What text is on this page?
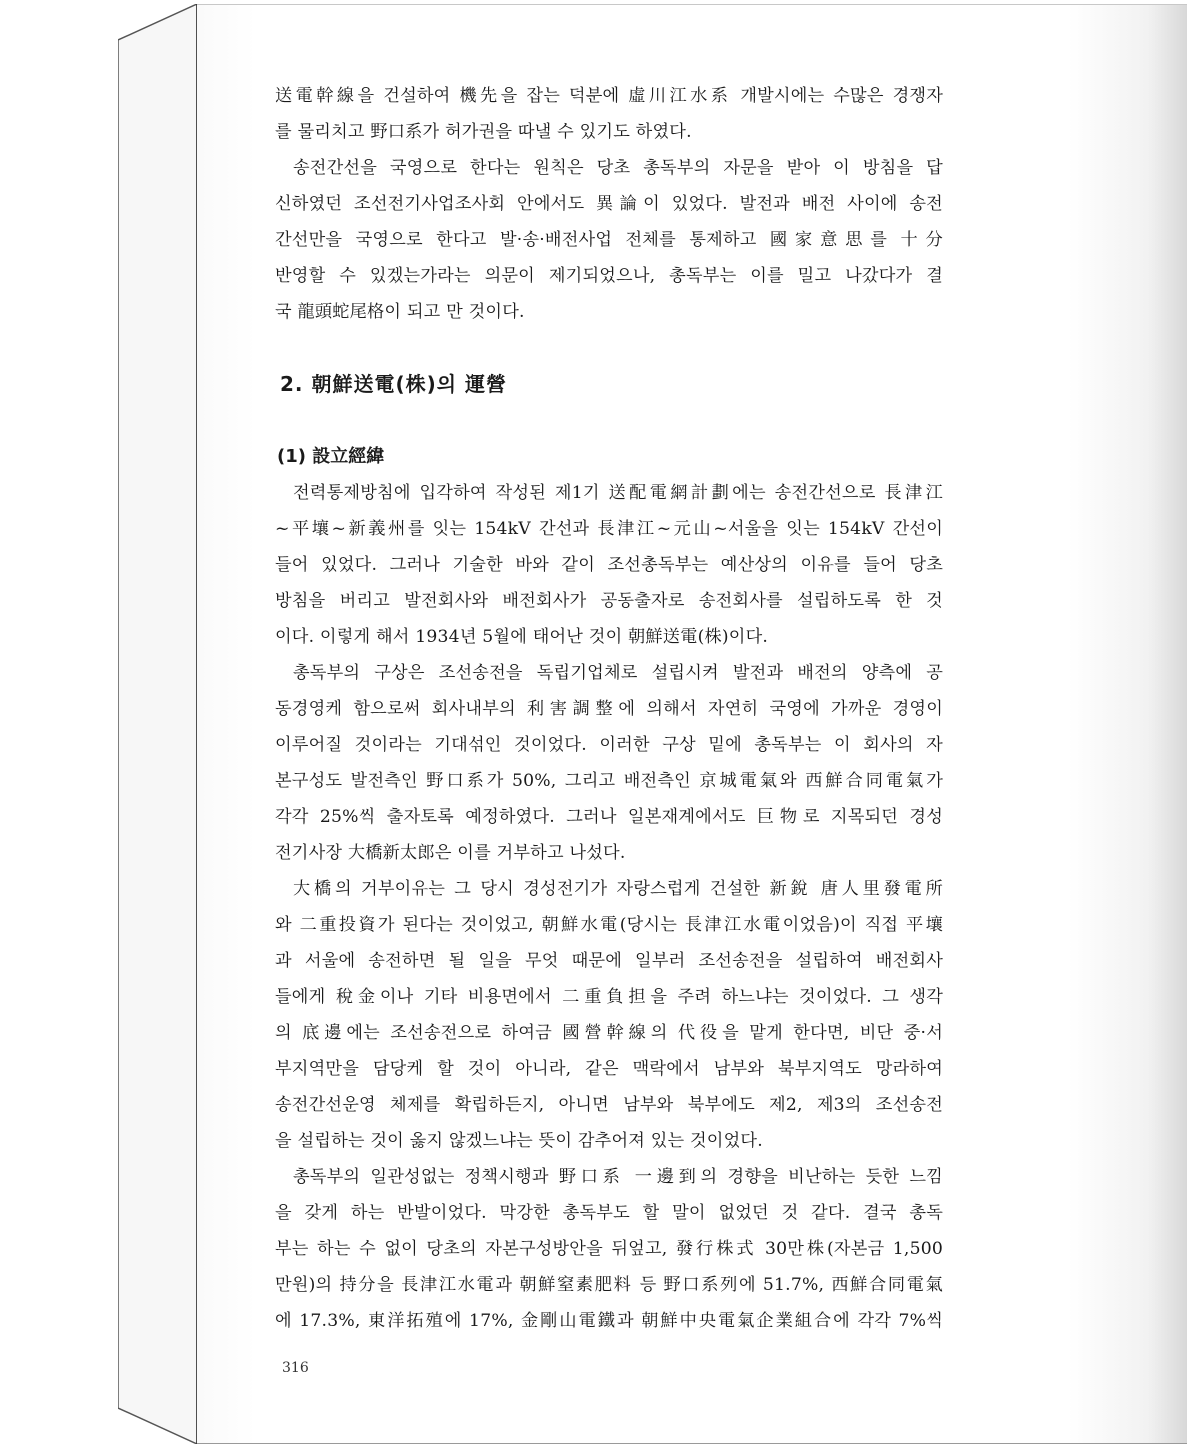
送電幹線을 건설하여 機先을 잡는 덕분에 虛川江水系 개발시에는 수많은 경쟁자
를 물리치고 野口系가 허가권을 따낼 수 있기도 하였다.

송전간선을 국영으로 한다는 원칙은 당초 총독부의 자문을 받아 이 방침을 답
신하였던 조선전기사업조사회 안에서도 異論이 있었다. 발전과 배전 사이에 송전
간선만을 국영으로 한다고 발·송·배전사업 전체를 통제하고 國家意思를 十分
반영할 수 있겠는가라는 의문이 제기되었으나, 총독부는 이를 밀고 나갔다가 결
국 龍頭蛇尾格이 되고 만 것이다.

2. 朝鮮送電(株)의 運營
(1) 設立經緯

전력통제방침에 입각하여 작성된 제1기 送配電網計劃에는 송전간선으로 長津江
~平壤~新義州를 잇는 154kV 간선과 長津江~元山~서울을 잇는 154kV 간선이
들어 있었다. 그러나 기술한 바와 같이 조선총독부는 예산상의 이유를 들어 당초
방침을 버리고 발전회사와 배전회사가 공동출자로 송전회사를 설립하도록 한 것
이다. 이렇게 해서 1934년 5월에 태어난 것이 朝鮮送電(株)이다.

총독부의 구상은 조선송전을 독립기업체로 설립시켜 발전과 배전의 양측에 공
동경영케 함으로써 회사내부의 利害調整에 의해서 자연히 국영에 가까운 경영이
이루어질 것이라는 기대섞인 것이었다. 이러한 구상 밑에 총독부는 이 회사의 자
본구성도 발전측인 野口系가 50%, 그리고 배전측인 京城電氣와 西鮮合同電氣가
각각 25%씩 출자토록 예정하였다. 그러나 일본재계에서도 巨物로 지목되던 경성
전기사장 大橋新太郎은 이를 거부하고 나섰다.

大橋의 거부이유는 그 당시 경성전기가 자랑스럽게 건설한 新銳 唐人里發電所
와 二重投資가 된다는 것이었고, 朝鮮水電(당시는 長津江水電이었음)이 직접 平壤
과 서울에 송전하면 될 일을 무엇 때문에 일부러 조선송전을 설립하여 배전회사
들에게 稅金이나 기타 비용면에서 二重負担을 주려 하느냐는 것이었다. 그 생각
의 底邊에는 조선송전으로 하여금 國營幹線의 代役을 맡게 한다면, 비단 중·서
부지역만을 담당케 할 것이 아니라, 같은 맥락에서 남부와 북부지역도 망라하여
송전간선운영 체제를 확립하든지, 아니면 남부와 북부에도 제2, 제3의 조선송전
을 설립하는 것이 옳지 않겠느냐는 뜻이 감추어져 있는 것이었다.

총독부의 일관성없는 정책시행과 野口系 一邊到의 경향을 비난하는 듯한 느낌
을 갖게 하는 반발이었다. 막강한 총독부도 할 말이 없었던 것 같다. 결국 총독
부는 하는 수 없이 당초의 자본구성방안을 뒤엎고, 發行株式 30만株(자본금 1,500
만원)의 持分을 長津江水電과 朝鮮窒素肥料 등 野口系列에 51.7%, 西鮮合同電氣
에 17.3%, 東洋拓殖에 17%, 金剛山電鐵과 朝鮮中央電氣企業組合에 각각 7%씩

316
